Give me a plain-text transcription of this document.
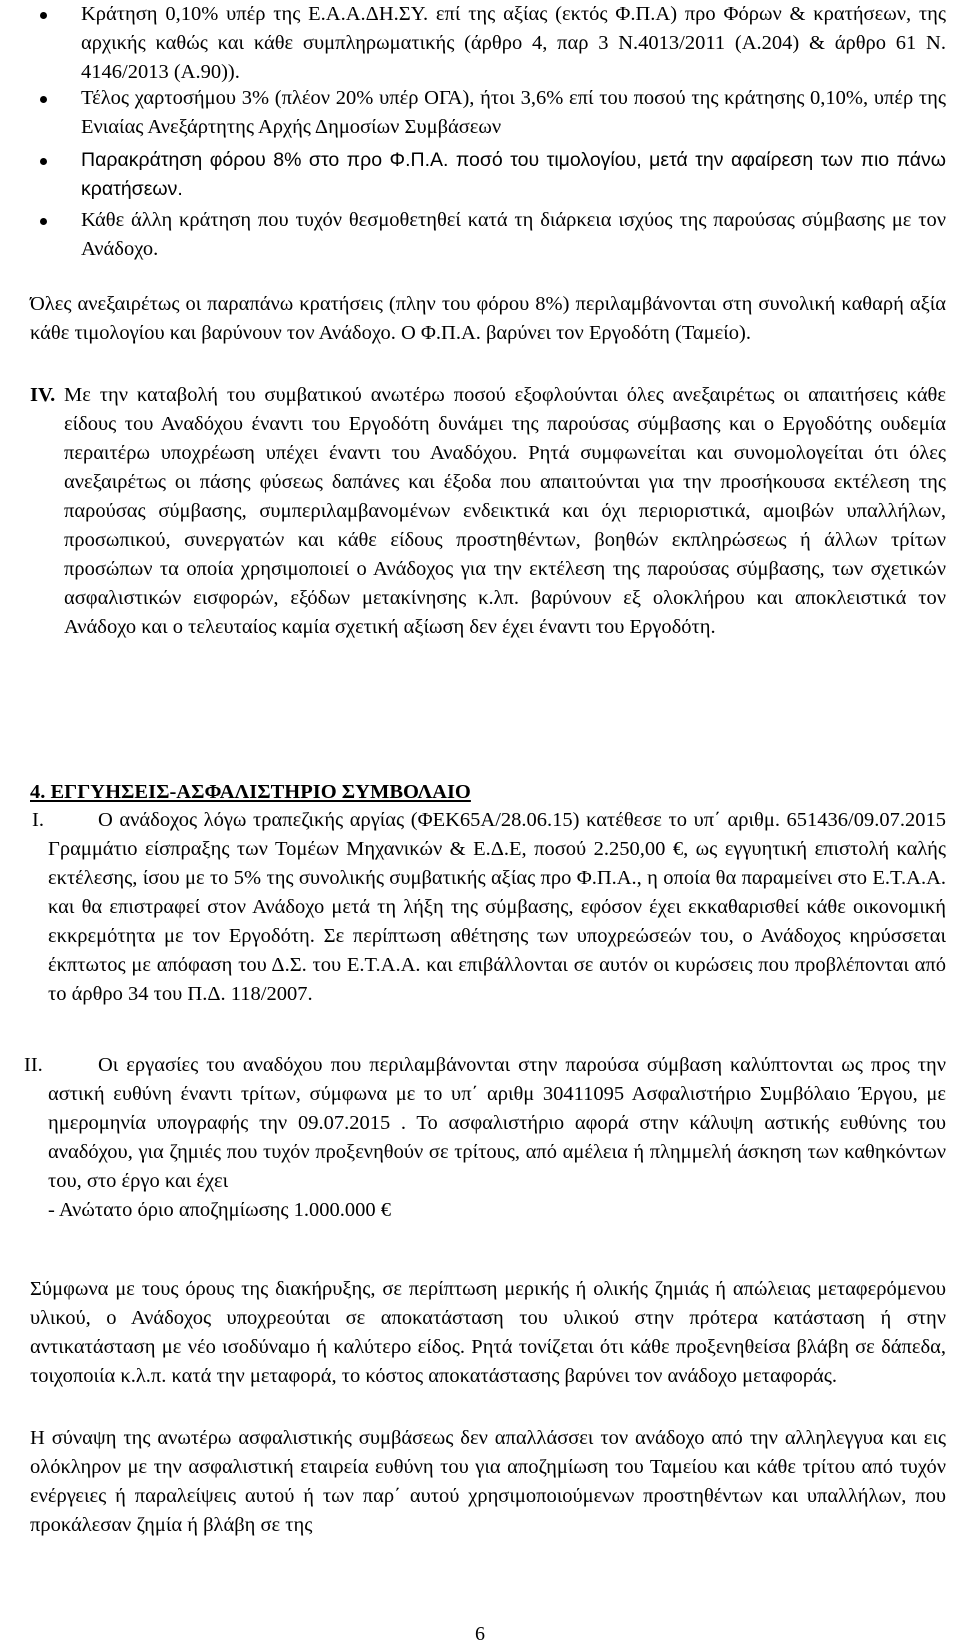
Κράτηση 0,10% υπέρ της Ε.Α.Α.ΔΗ.ΣΥ. επί της αξίας (εκτός Φ.Π.Α) προ Φόρων & κρατήσεων, της αρχικής καθώς και κάθε συμπληρωματικής (άρθρο 4, παρ 3 Ν.4013/2011 (Α.204) & άρθρο 61 Ν. 4146/2013 (Α.90)).
Τέλος χαρτοσήμου 3% (πλέον 20% υπέρ ΟΓΑ), ήτοι 3,6% επί του ποσού της κράτησης 0,10%, υπέρ της Ενιαίας Ανεξάρτητης Αρχής Δημοσίων Συμβάσεων
Παρακράτηση φόρου 8% στο προ Φ.Π.Α. ποσό του τιμολογίου, μετά την αφαίρεση των πιο πάνω κρατήσεων.
Κάθε άλλη κράτηση που τυχόν θεσμοθετηθεί κατά τη διάρκεια ισχύος της παρούσας σύμβασης με τον Ανάδοχο.

Όλες ανεξαιρέτως οι παραπάνω κρατήσεις (πλην του φόρου 8%) περιλαμβάνονται στη συνολική καθαρή αξία κάθε τιμολογίου και βαρύνουν τον Ανάδοχο. Ο Φ.Π.Α. βαρύνει τον Εργοδότη (Ταμείο).

IV. Με την καταβολή του συμβατικού ανωτέρω ποσού εξοφλούνται όλες ανεξαιρέτως οι απαιτήσεις κάθε είδους του Αναδόχου έναντι του Εργοδότη δυνάμει της παρούσας σύμβασης και ο Εργοδότης ουδεμία περαιτέρω υποχρέωση υπέχει έναντι του Αναδόχου. Ρητά συμφωνείται και συνομολογείται ότι όλες ανεξαιρέτως οι πάσης φύσεως δαπάνες και έξοδα που απαιτούνται για την προσήκουσα εκτέλεση της παρούσας σύμβασης, συμπεριλαμβανομένων ενδεικτικά και όχι περιοριστικά, αμοιβών υπαλλήλων, προσωπικού, συνεργατών και κάθε είδους προστηθέντων, βοηθών εκπληρώσεως ή άλλων τρίτων προσώπων τα οποία χρησιμοποιεί ο Ανάδοχος για την εκτέλεση της παρούσας σύμβασης, των σχετικών ασφαλιστικών εισφορών, εξόδων μετακίνησης κ.λπ. βαρύνουν εξ ολοκλήρου και αποκλειστικά τον Ανάδοχο και ο τελευταίος καμία σχετική αξίωση δεν έχει έναντι του Εργοδότη.

4. ΕΓΓΥΗΣΕΙΣ-ΑΣΦΑΛΙΣΤΗΡΙΟ ΣΥΜΒΟΛΑΙΟ

Ι.	Ο ανάδοχος λόγω τραπεζικής αργίας (ΦΕΚ65Α/28.06.15) κατέθεσε το υπ΄ αριθμ. 651436/09.07.2015 Γραμμάτιο είσπραξης των Τομέων Μηχανικών & Ε.Δ.Ε, ποσού 2.250,00 €, ως εγγυητική επιστολή καλής εκτέλεσης, ίσου με το 5% της συνολικής συμβατικής αξίας προ Φ.Π.Α., η οποία θα παραμείνει στο Ε.Τ.Α.Α. και θα επιστραφεί στον Ανάδοχο μετά τη λήξη της σύμβασης, εφόσον έχει εκκαθαρισθεί κάθε οικονομική εκκρεμότητα με τον Εργοδότη. Σε περίπτωση αθέτησης των υποχρεώσεών του, ο Ανάδοχος κηρύσσεται έκπτωτος με απόφαση του Δ.Σ. του Ε.Τ.Α.Α. και επιβάλλονται σε αυτόν οι κυρώσεις που προβλέπονται από το άρθρο 34 του Π.Δ. 118/2007.

ΙΙ.	Οι εργασίες του αναδόχου που περιλαμβάνονται στην παρούσα σύμβαση καλύπτονται ως προς την αστική ευθύνη έναντι τρίτων, σύμφωνα με το υπ΄ αριθμ 30411095 Ασφαλιστήριο Συμβόλαιο Έργου, με ημερομηνία υπογραφής την 09.07.2015 . Το ασφαλιστήριο αφορά στην κάλυψη αστικής ευθύνης του αναδόχου, για ζημιές που τυχόν προξενηθούν σε τρίτους, από αμέλεια ή πλημμελή άσκηση των καθηκόντων του, στο έργο και έχει

- Ανώτατο όριο αποζημίωσης 1.000.000 €

Σύμφωνα με τους όρους της διακήρυξης, σε περίπτωση μερικής ή ολικής ζημιάς ή απώλειας μεταφερόμενου υλικού, ο Ανάδοχος υποχρεούται σε αποκατάσταση του υλικού στην πρότερα κατάσταση ή στην αντικατάσταση με νέο ισοδύναμο ή καλύτερο είδος. Ρητά τονίζεται ότι κάθε προξενηθείσα βλάβη σε δάπεδα, τοιχοποιία κ.λ.π. κατά την μεταφορά, το κόστος αποκατάστασης βαρύνει τον ανάδοχο μεταφοράς.

Η σύναψη της ανωτέρω ασφαλιστικής συμβάσεως δεν απαλλάσσει τον ανάδοχο από την αλληλεγγυα και εις ολόκληρον με την ασφαλιστική εταιρεία ευθύνη του για αποζημίωση του Ταμείου και κάθε τρίτου από τυχόν ενέργειες ή παραλείψεις αυτού ή των παρ΄ αυτού χρησιμοποιούμενων προστηθέντων και υπαλλήλων, που προκάλεσαν ζημία ή βλάβη σε της

6
